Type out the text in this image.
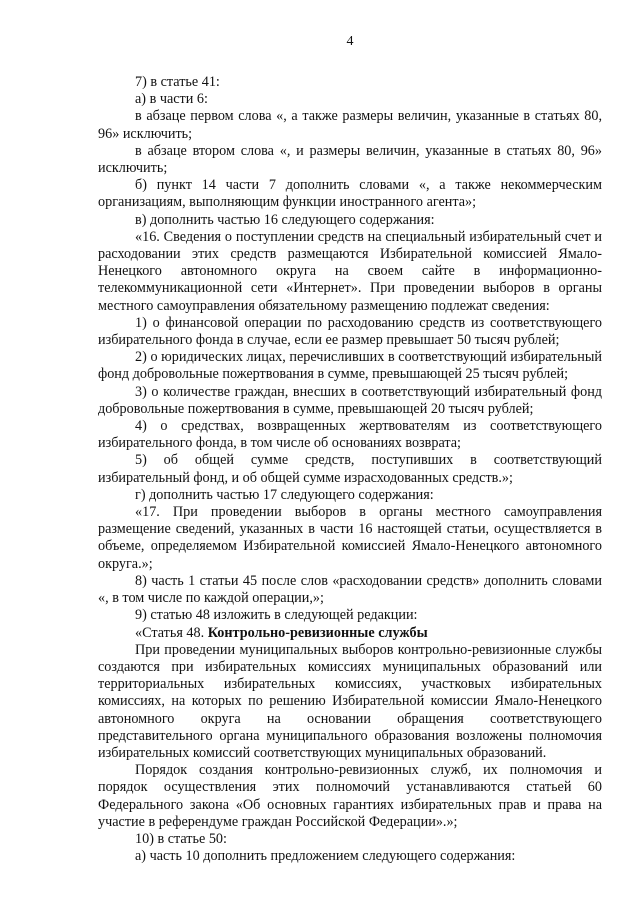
4

7) в статье 41:

а) в части 6:

в абзаце первом слова «, а также размеры величин, указанные в статьях 80, 96» исключить;

в абзаце втором слова «, и размеры величин, указанные в статьях 80, 96» исключить;

б) пункт 14 части 7 дополнить словами «, а также некоммерческим организациям, выполняющим функции иностранного агента»;

в) дополнить частью 16 следующего содержания:

«16. Сведения о поступлении средств на специальный избирательный счет и расходовании этих средств размещаются Избирательной комиссией Ямало-Ненецкого автономного округа на своем сайте в информационно-телекоммуникационной сети «Интернет». При проведении выборов в органы местного самоуправления обязательному размещению подлежат сведения:

1) о финансовой операции по расходованию средств из соответствующего избирательного фонда в случае, если ее размер превышает 50 тысяч рублей;

2) о юридических лицах, перечисливших в соответствующий избирательный фонд добровольные пожертвования в сумме, превышающей 25 тысяч рублей;

3) о количестве граждан, внесших в соответствующий избирательный фонд добровольные пожертвования в сумме, превышающей 20 тысяч рублей;

4) о средствах, возвращенных жертвователям из соответствующего избирательного фонда, в том числе об основаниях возврата;

5) об общей сумме средств, поступивших в соответствующий избирательный фонд, и об общей сумме израсходованных средств.»;

г) дополнить частью 17 следующего содержания:

«17. При проведении выборов в органы местного самоуправления размещение сведений, указанных в части 16 настоящей статьи, осуществляется в объеме, определяемом Избирательной комиссией Ямало-Ненецкого автономного округа.»;

8) часть 1 статьи 45 после слов «расходовании средств» дополнить словами «, в том числе по каждой операции,»;

9) статью 48 изложить в следующей редакции:

«Статья 48. Контрольно-ревизионные службы

При проведении муниципальных выборов контрольно-ревизионные службы создаются при избирательных комиссиях муниципальных образований или территориальных избирательных комиссиях, участковых избирательных комиссиях, на которых по решению Избирательной комиссии Ямало-Ненецкого автономного округа на основании обращения соответствующего представительного органа муниципального образования возложены полномочия избирательных комиссий соответствующих муниципальных образований.

Порядок создания контрольно-ревизионных служб, их полномочия и порядок осуществления этих полномочий устанавливаются статьей 60 Федерального закона «Об основных гарантиях избирательных прав и права на участие в референдуме граждан Российской Федерации».»;

10) в статье 50:

а) часть 10 дополнить предложением следующего содержания:
